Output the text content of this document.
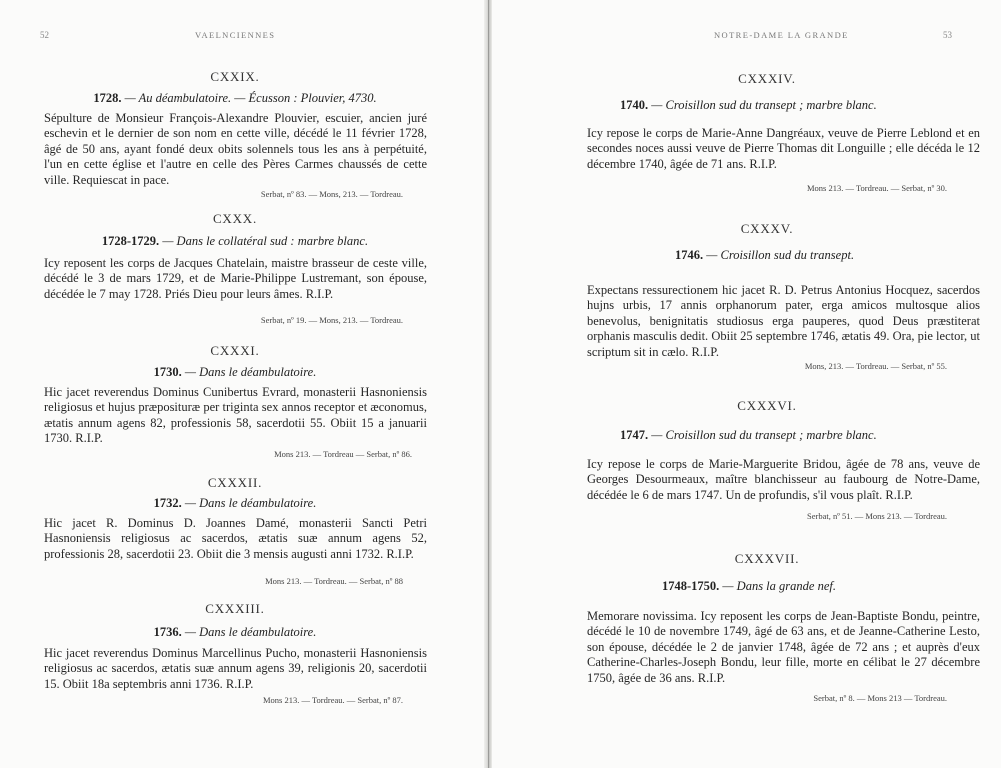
52	VAELNCIENNES
CXXIX.
1728. — Au déambulatoire. — Écusson : Plouvier, 4730.
Sépulture de Monsieur François-Alexandre Plouvier, escuier, ancien juré eschevin et le dernier de son nom en cette ville, décédé le 11 février 1728, âgé de 50 ans, ayant fondé deux obits solennels tous les ans à perpétuité, l'un en cette église et l'autre en celle des Pères Carmes chaussés de cette ville. Requiescat in pace.
Serbat, nº 83. — Mons, 213. — Tordreau.
CXXX.
1728-1729. — Dans le collatéral sud : marbre blanc.
Icy reposent les corps de Jacques Chatelain, maistre brasseur de ceste ville, décédé le 3 de mars 1729, et de Marie-Philippe Lustremant, son épouse, décédée le 7 may 1728. Priés Dieu pour leurs âmes. R.I.P.
Serbat, nº 19. — Mons, 213. — Tordreau.
CXXXI.
1730. — Dans le déambulatoire.
Hic jacet reverendus Dominus Cunibertus Evrard, monasterii Hasnoniensis religiosus et hujus præposituræ per triginta sex annos receptor et æconomus, ætatis annum agens 82, professionis 58, sacerdotii 55. Obiit 15 a januarii 1730. R.I.P.
Mons 213. — Tordreau — Serbat, nº 86.
CXXXII.
1732. — Dans le déambulatoire.
Hic jacet R. Dominus D. Joannes Damé, monasterii Sancti Petri Hasnoniensis religiosus ac sacerdos, ætatis suæ annum agens 52, professionis 28, sacerdotii 23. Obiit die 3 mensis augusti anni 1732. R.I.P.
Mons 213. — Tordreau. — Serbat, nº 88
CXXXIII.
1736. — Dans le déambulatoire.
Hic jacet reverendus Dominus Marcellinus Pucho, monasterii Hasnoniensis religiosus ac sacerdos, ætatis suæ annum agens 39, religionis 20, sacerdotii 15. Obiit 18a septembris anni 1736. R.I.P.
Mons 213. — Tordreau. — Serbat, nº 87.
NOTRE-DAME LA GRANDE	53
CXXXIV.
1740. — Croisillon sud du transept ; marbre blanc.
Icy repose le corps de Marie-Anne Dangréaux, veuve de Pierre Leblond et en secondes noces aussi veuve de Pierre Thomas dit Longuille ; elle décéda le 12 décembre 1740, âgée de 71 ans. R.I.P.
Mons 213. — Tordreau. — Serbat, nº 30.
CXXXV.
1746. — Croisillon sud du transept.
Expectans ressurectionem hic jacet R. D. Petrus Antonius Hocquez, sacerdos hujns urbis, 17 annis orphanorum pater, erga amicos multosque alios benevolus, benignitatis studiosus erga pauperes, quod Deus præstiterat orphanis masculis dedit. Obiit 25 septembre 1746, ætatis 49. Ora, pie lector, ut scriptum sit in cælo. R.I.P.
Mons, 213. — Tordreau. — Serbat, nº 55.
CXXXVI.
1747. — Croisillon sud du transept ; marbre blanc.
Icy repose le corps de Marie-Marguerite Bridou, âgée de 78 ans, veuve de Georges Desourmeaux, maître blanchisseur au faubourg de Notre-Dame, décédée le 6 de mars 1747. Un de profundis, s'il vous plaît. R.I.P.
Serbat, nº 51. — Mons 213. — Tordreau.
CXXXVII.
1748-1750. — Dans la grande nef.
Memorare novissima. Icy reposent les corps de Jean-Baptiste Bondu, peintre, décédé le 10 de novembre 1749, âgé de 63 ans, et de Jeanne-Catherine Lesto, son épouse, décédée le 2 de janvier 1748, âgée de 72 ans ; et auprès d'eux Catherine-Charles-Joseph Bondu, leur fille, morte en célibat le 27 décembre 1750, âgée de 36 ans. R.I.P.
Serbat, nº 8. — Mons 213 — Tordreau.
